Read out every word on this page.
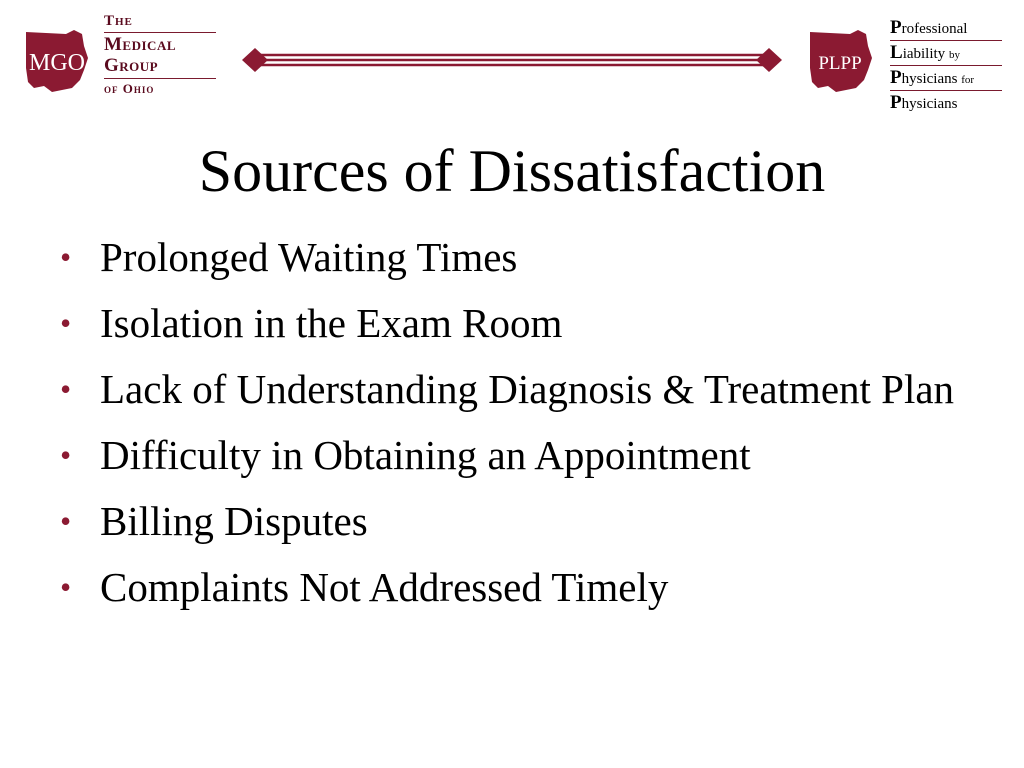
MGO
The
Medical
Group
of Ohio
PLPP
Professional
Liability by
Physicians for
Physicians
Sources of Dissatisfaction
• Prolonged Waiting Times
• Isolation in the Exam Room
• Lack of Understanding Diagnosis & Treatment Plan
• Difficulty in Obtaining an Appointment
• Billing Disputes
• Complaints Not Addressed Timely
